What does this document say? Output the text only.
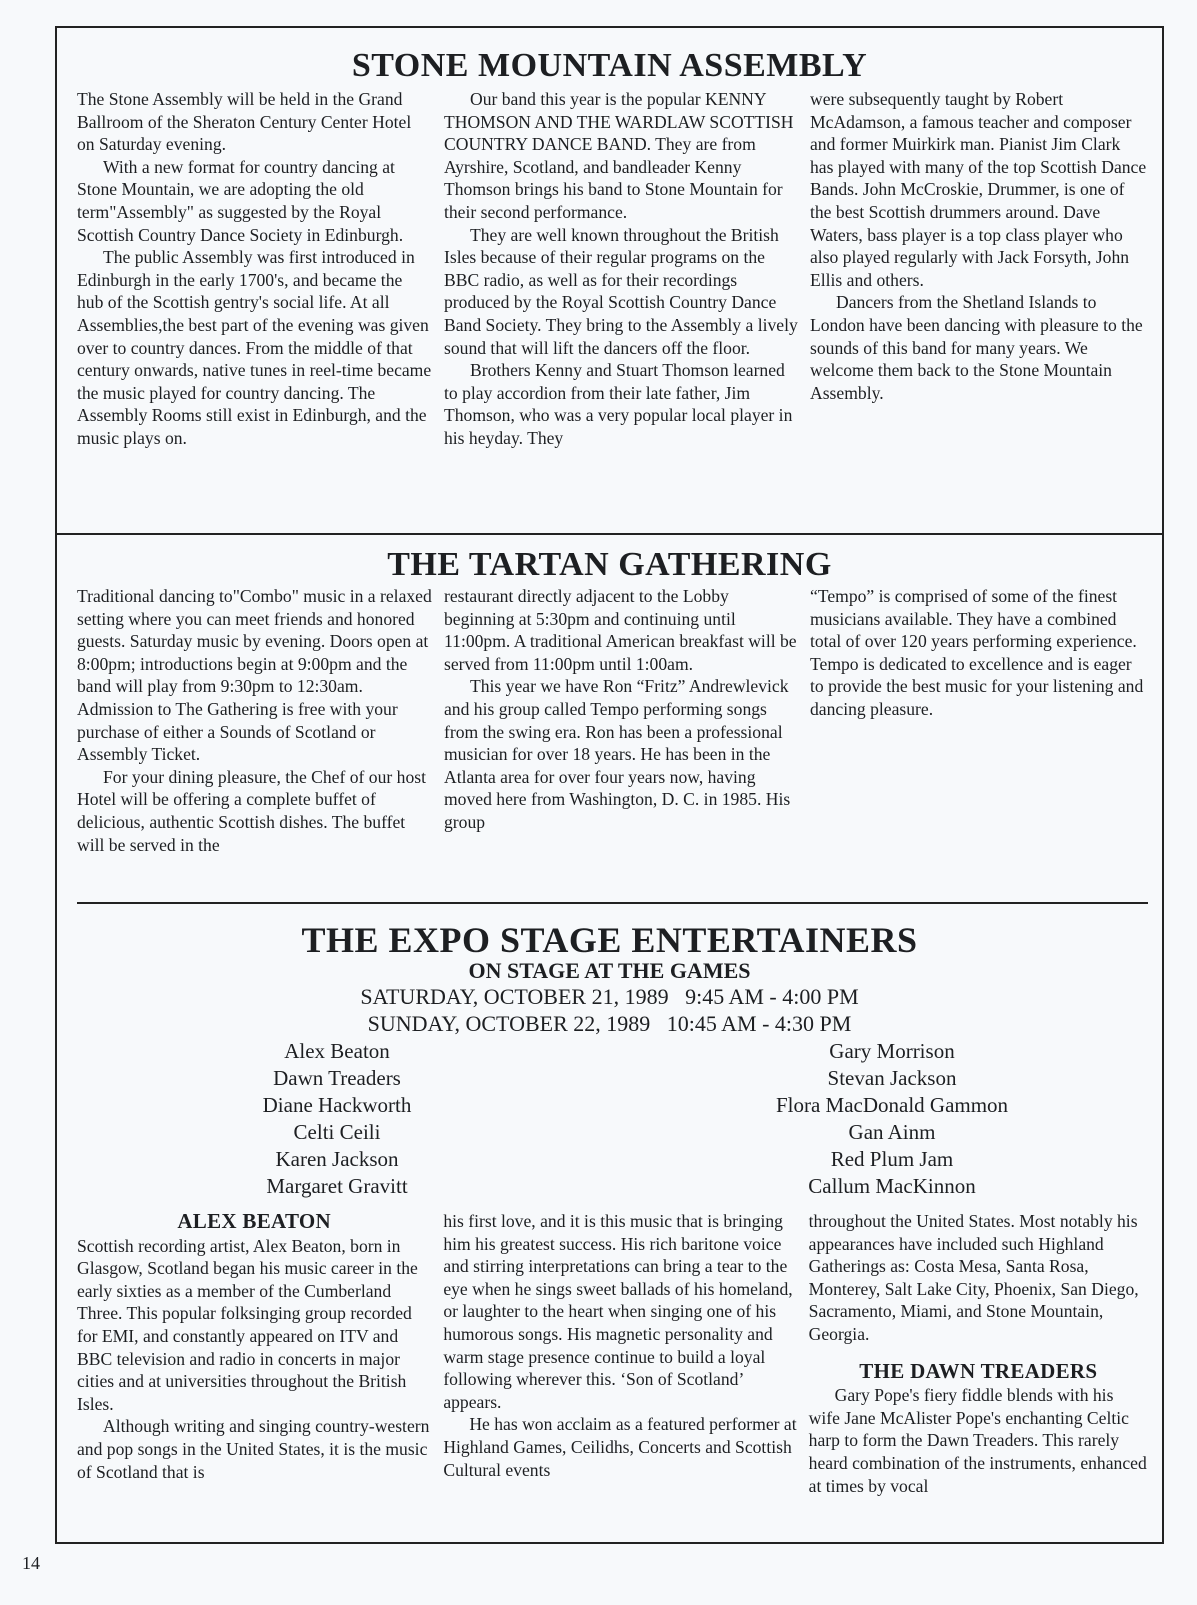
STONE MOUNTAIN ASSEMBLY

The Stone Assembly will be held in the Grand Ballroom of the Sheraton Century Center Hotel on Saturday evening.

With a new format for country dancing at Stone Mountain, we are adopting the old term"Assembly" as suggested by the Royal Scottish Country Dance Society in Edinburgh.

The public Assembly was first introduced in Edinburgh in the early 1700's, and became the hub of the Scottish gentry's social life. At all Assemblies,the best part of the evening was given over to country dances. From the middle of that century onwards, native tunes in reel-time became the music played for country dancing. The Assembly Rooms still exist in Edinburgh, and the music plays on.

Our band this year is the popular KENNY THOMSON AND THE WARDLAW SCOTTISH COUNTRY DANCE BAND. They are from Ayrshire, Scotland, and bandleader Kenny Thomson brings his band to Stone Mountain for their second performance.

They are well known throughout the British Isles because of their regular programs on the BBC radio, as well as for their recordings produced by the Royal Scottish Country Dance Band Society. They bring to the Assembly a lively sound that will lift the dancers off the floor.

Brothers Kenny and Stuart Thomson learned to play accordion from their late father, Jim Thomson, who was a very popular local player in his heyday. They

were subsequently taught by Robert McAdamson, a famous teacher and composer and former Muirkirk man. Pianist Jim Clark has played with many of the top Scottish Dance Bands. John McCroskie, Drummer, is one of the best Scottish drummers around. Dave Waters, bass player is a top class player who also played regularly with Jack Forsyth, John Ellis and others.

Dancers from the Shetland Islands to London have been dancing with pleasure to the sounds of this band for many years. We welcome them back to the Stone Mountain Assembly.

THE TARTAN GATHERING

Traditional dancing to"Combo" music in a relaxed setting where you can meet friends and honored guests. Saturday music by evening. Doors open at 8:00pm; introductions begin at 9:00pm and the band will play from 9:30pm to 12:30am. Admission to The Gathering is free with your purchase of either a Sounds of Scotland or Assembly Ticket.

For your dining pleasure, the Chef of our host Hotel will be offering a complete buffet of delicious, authentic Scottish dishes. The buffet will be served in the

restaurant directly adjacent to the Lobby beginning at 5:30pm and continuing until 11:00pm. A traditional American breakfast will be served from 11:00pm until 1:00am.

This year we have Ron “Fritz” Andrewlevick and his group called Tempo performing songs from the swing era. Ron has been a professional musician for over 18 years. He has been in the Atlanta area for over four years now, having moved here from Washington, D. C. in 1985. His group

“Tempo” is comprised of some of the finest musicians available. They have a combined total of over 120 years performing experience. Tempo is dedicated to excellence and is eager to provide the best music for your listening and dancing pleasure.

THE EXPO STAGE ENTERTAINERS
ON STAGE AT THE GAMES
SATURDAY, OCTOBER 21, 1989   9:45 AM - 4:00 PM
SUNDAY, OCTOBER 22, 1989   10:45 AM - 4:30 PM
Alex Beaton
Dawn Treaders
Diane Hackworth
Celti Ceili
Karen Jackson
Margaret Gravitt
Gary Morrison
Stevan Jackson
Flora MacDonald Gammon
Gan Ainm
Red Plum Jam
Callum MacKinnon
ALEX BEATON

Scottish recording artist, Alex Beaton, born in Glasgow, Scotland began his music career in the early sixties as a member of the Cumberland Three. This popular folksinging group recorded for EMI, and constantly appeared on ITV and BBC television and radio in concerts in major cities and at universities throughout the British Isles.

Although writing and singing country-western and pop songs in the United States, it is the music of Scotland that is

his first love, and it is this music that is bringing him his greatest success. His rich baritone voice and stirring interpretations can bring a tear to the eye when he sings sweet ballads of his homeland, or laughter to the heart when singing one of his humorous songs. His magnetic personality and warm stage presence continue to build a loyal following wherever this. ‘Son of Scotland’ appears.

He has won acclaim as a featured performer at Highland Games, Ceilidhs, Concerts and Scottish Cultural events

throughout the United States. Most notably his appearances have included such Highland Gatherings as: Costa Mesa, Santa Rosa, Monterey, Salt Lake City, Phoenix, San Diego, Sacramento, Miami, and Stone Mountain, Georgia.

THE DAWN TREADERS

Gary Pope's fiery fiddle blends with his wife Jane McAlister Pope's enchanting Celtic harp to form the Dawn Treaders. This rarely heard combination of the instruments, enhanced at times by vocal

14
